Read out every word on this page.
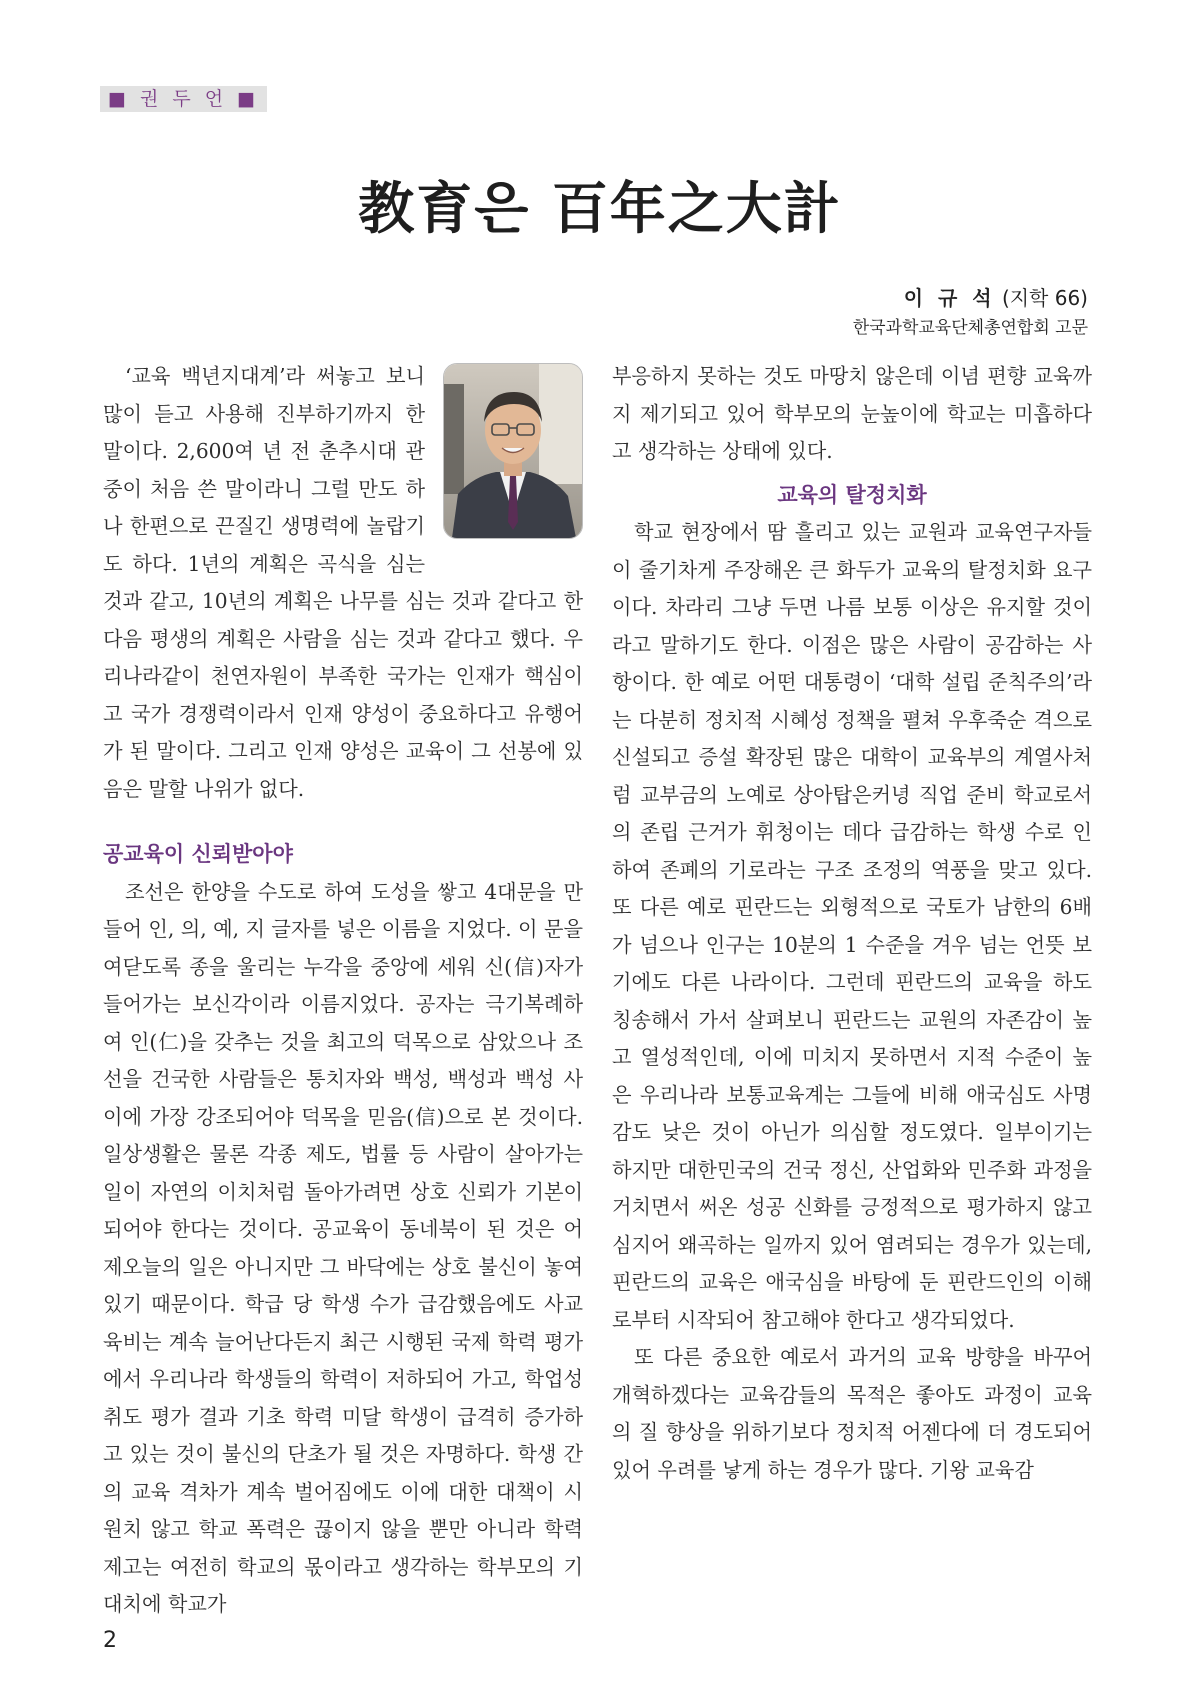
■ 권 두 언 ■
教育은 百年之大計
이 규 석 (지학 66)
한국과학교육단체총연합회 고문

‘교육 백년지대계’라 써놓고 보니 많이 듣고 사용해 진부하기까지 한 말이다. 2,600여 년 전 춘추시대 관중이 처음 쓴 말이라니 그럴 만도 하나 한편으로 끈질긴 생명력에 놀랍기도 하다. 1년의 계획은 곡식을 심는 것과 같고, 10년의 계획은 나무를 심는 것과 같다고 한 다음 평생의 계획은 사람을 심는 것과 같다고 했다. 우리나라같이 천연자원이 부족한 국가는 인재가 핵심이고 국가 경쟁력이라서 인재 양성이 중요하다고 유행어가 된 말이다. 그리고 인재 양성은 교육이 그 선봉에 있음은 말할 나위가 없다.

공교육이 신뢰받아야

조선은 한양을 수도로 하여 도성을 쌓고 4대문을 만들어 인, 의, 예, 지 글자를 넣은 이름을 지었다. 이 문을 여닫도록 종을 울리는 누각을 중앙에 세워 신(信)자가 들어가는 보신각이라 이름지었다. 공자는 극기복례하여 인(仁)을 갖추는 것을 최고의 덕목으로 삼았으나 조선을 건국한 사람들은 통치자와 백성, 백성과 백성 사이에 가장 강조되어야 덕목을 믿음(信)으로 본 것이다. 일상생활은 물론 각종 제도, 법률 등 사람이 살아가는 일이 자연의 이치처럼 돌아가려면 상호 신뢰가 기본이 되어야 한다는 것이다. 공교육이 동네북이 된 것은 어제오늘의 일은 아니지만 그 바닥에는 상호 불신이 놓여 있기 때문이다. 학급 당 학생 수가 급감했음에도 사교육비는 계속 늘어난다든지 최근 시행된 국제 학력 평가에서 우리나라 학생들의 학력이 저하되어 가고, 학업성취도 평가 결과 기초 학력 미달 학생이 급격히 증가하고 있는 것이 불신의 단초가 될 것은 자명하다. 학생 간의 교육 격차가 계속 벌어짐에도 이에 대한 대책이 시원치 않고 학교 폭력은 끊이지 않을 뿐만 아니라 학력 제고는 여전히 학교의 몫이라고 생각하는 학부모의 기대치에 학교가

부응하지 못하는 것도 마땅치 않은데 이념 편향 교육까지 제기되고 있어 학부모의 눈높이에 학교는 미흡하다고 생각하는 상태에 있다.

교육의 탈정치화

학교 현장에서 땀 흘리고 있는 교원과 교육연구자들이 줄기차게 주장해온 큰 화두가 교육의 탈정치화 요구이다. 차라리 그냥 두면 나름 보통 이상은 유지할 것이라고 말하기도 한다. 이점은 많은 사람이 공감하는 사항이다. 한 예로 어떤 대통령이 ‘대학 설립 준칙주의’라는 다분히 정치적 시혜성 정책을 펼쳐 우후죽순 격으로 신설되고 증설 확장된 많은 대학이 교육부의 계열사처럼 교부금의 노예로 상아탑은커녕 직업 준비 학교로서의 존립 근거가 휘청이는 데다 급감하는 학생 수로 인하여 존폐의 기로라는 구조 조정의 역풍을 맞고 있다. 또 다른 예로 핀란드는 외형적으로 국토가 남한의 6배가 넘으나 인구는 10분의 1 수준을 겨우 넘는 언뜻 보기에도 다른 나라이다. 그런데 핀란드의 교육을 하도 칭송해서 가서 살펴보니 핀란드는 교원의 자존감이 높고 열성적인데, 이에 미치지 못하면서 지적 수준이 높은 우리나라 보통교육계는 그들에 비해 애국심도 사명감도 낮은 것이 아닌가 의심할 정도였다. 일부이기는 하지만 대한민국의 건국 정신, 산업화와 민주화 과정을 거치면서 써온 성공 신화를 긍정적으로 평가하지 않고 심지어 왜곡하는 일까지 있어 염려되는 경우가 있는데, 핀란드의 교육은 애국심을 바탕에 둔 핀란드인의 이해로부터 시작되어 참고해야 한다고 생각되었다.

또 다른 중요한 예로서 과거의 교육 방향을 바꾸어 개혁하겠다는 교육감들의 목적은 좋아도 과정이 교육의 질 향상을 위하기보다 정치적 어젠다에 더 경도되어 있어 우려를 낳게 하는 경우가 많다. 기왕 교육감

2
